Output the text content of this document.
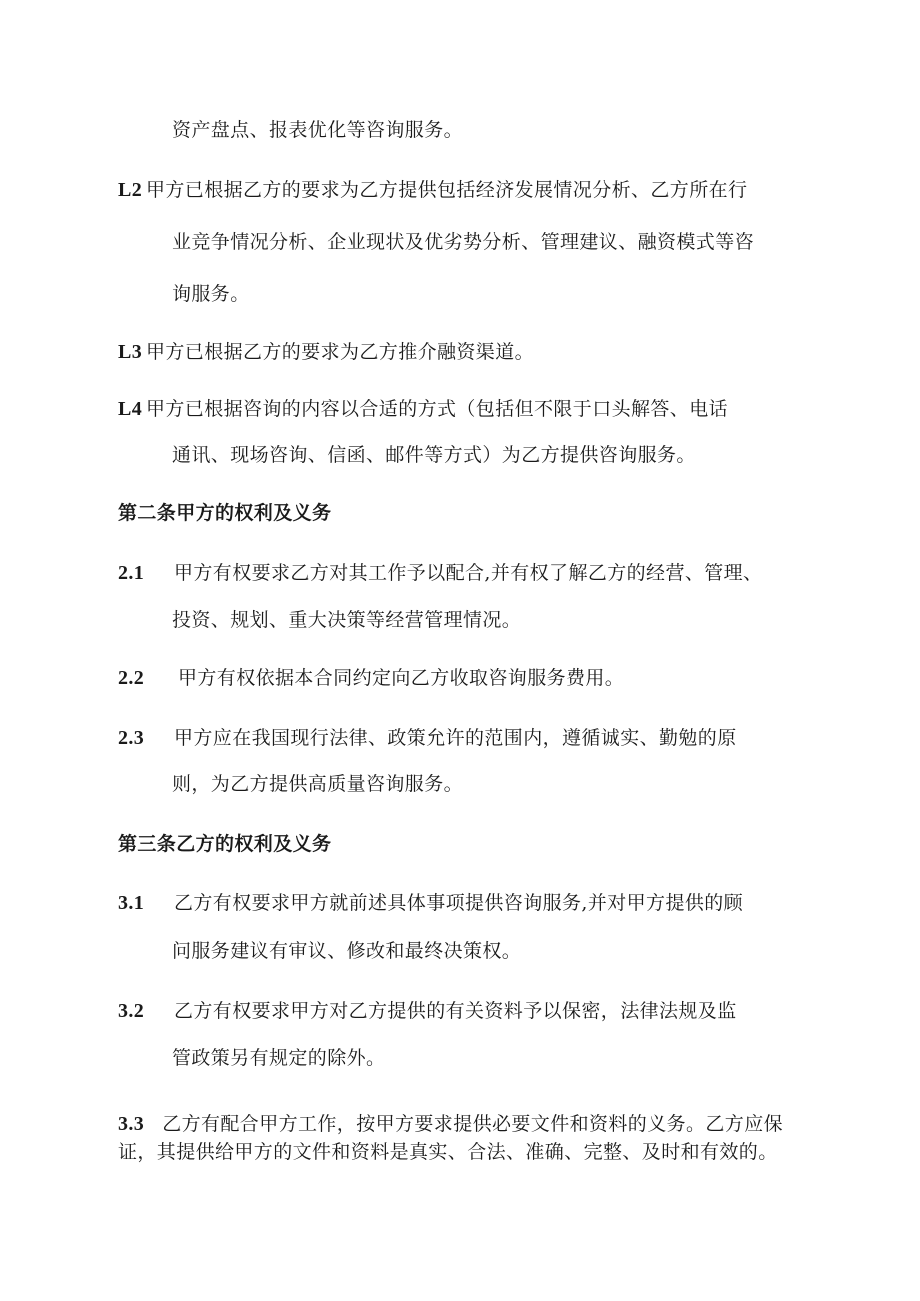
资产盘点、报表优化等咨询服务。
L2 甲方已根据乙方的要求为乙方提供包括经济发展情况分析、乙方所在行
业竞争情况分析、企业现状及优劣势分析、管理建议、融资模式等咨
询服务。
L3 甲方已根据乙方的要求为乙方推介融资渠道。
L4 甲方已根据咨询的内容以合适的方式（包括但不限于口头解答、电话
通讯、现场咨询、信函、邮件等方式）为乙方提供咨询服务。
第二条甲方的权利及义务
2.1 甲方有权要求乙方对其工作予以配合,并有权了解乙方的经营、管理、
投资、规划、重大决策等经营管理情况。
2.2 甲方有权依据本合同约定向乙方收取咨询服务费用。
2.3 甲方应在我国现行法律、政策允许的范围内，遵循诚实、勤勉的原
则，为乙方提供高质量咨询服务。
第三条乙方的权利及义务
3.1 乙方有权要求甲方就前述具体事项提供咨询服务,并对甲方提供的顾
问服务建议有审议、修改和最终决策权。
3.2 乙方有权要求甲方对乙方提供的有关资料予以保密，法律法规及监
管政策另有规定的除外。
3.3 乙方有配合甲方工作，按甲方要求提供必要文件和资料的义务。乙方应保证，其提供给甲方的文件和资料是真实、合法、准确、完整、及时和有效的。
